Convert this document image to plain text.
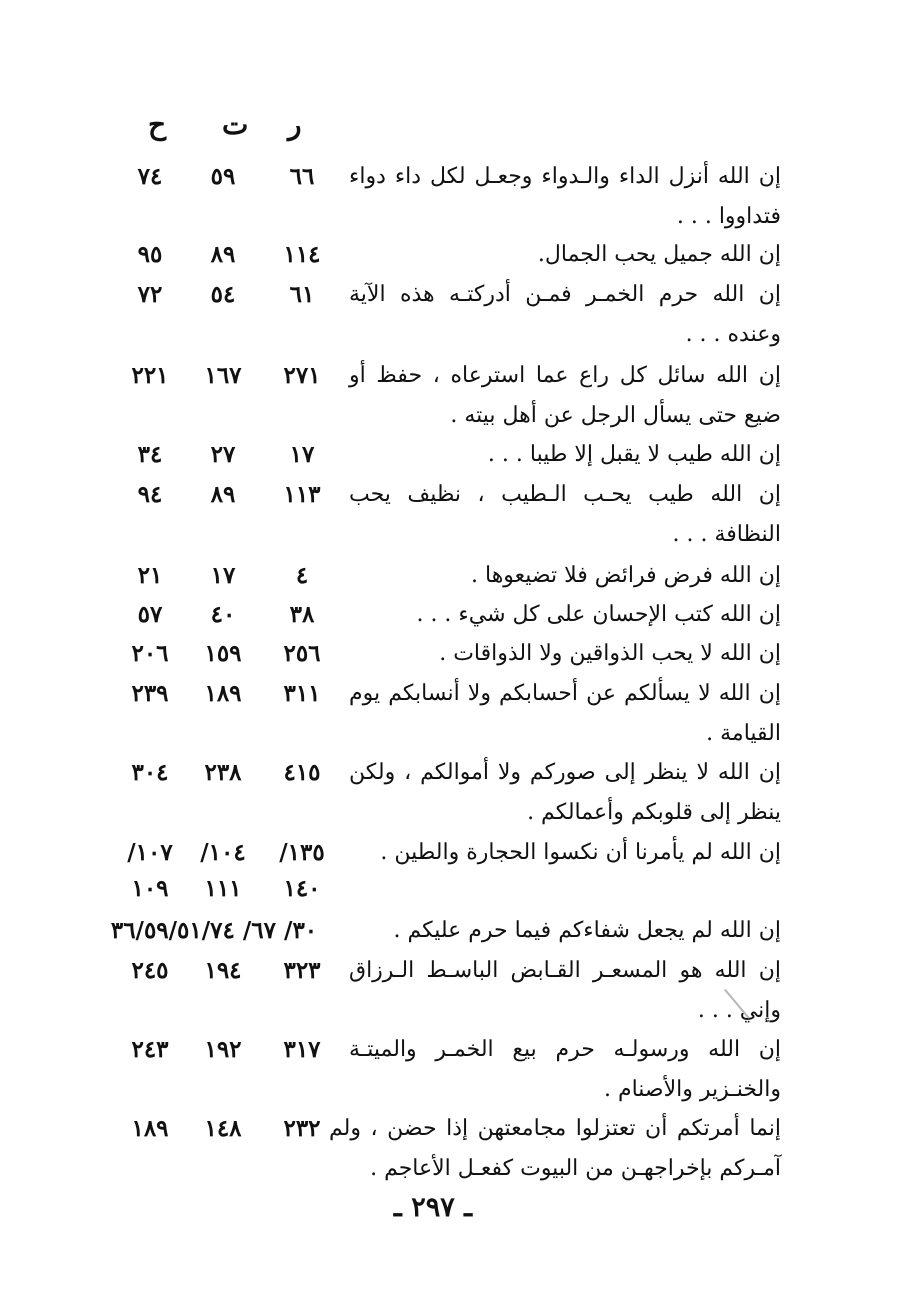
ر
ت
ح
إن الله أنزل الداء والـدواء وجعـل لكل داء دواء فتداووا . . .
٦٦
٥٩
٧٤
إن الله جميل يحب الجمال.
١١٤
٨٩
٩٥
إن الله حرم الخمـر فمـن أدركتـه هذه الآية وعنده . . .
٦١
٥٤
٧٢
إن الله سائل كل راع عما استرعاه ، حفظ أو ضيع حتى يسأل الرجل عن أهل بيته .
٢٧١
١٦٧
٢٢١
إن الله طيب لا يقبل إلا طيبا . . .
١٧
٢٧
٣٤
إن الله طيب يحـب الـطيب ، نظيف يحب النظافة . . .
١١٣
٨٩
٩٤
إن الله فرض فرائض فلا تضيعوها .
٤
١٧
٢١
إن الله كتب الإحسان على كل شيء . . .
٣٨
٤٠
٥٧
إن الله لا يحب الذواقين ولا الذواقات .
٢٥٦
١٥٩
٢٠٦
إن الله لا يسألكم عن أحسابكم ولا أنسابكم يوم القيامة .
٣١١
١٨٩
٢٣٩
إن الله لا ينظر إلى صوركم ولا أموالكم ، ولكن ينظر إلى قلوبكم وأعمالكم .
٤١٥
٢٣٨
٣٠٤
إن الله لم يأمرنا أن نكسوا الحجارة والطين .
١٣٥/
١٠٤/
١٠٧/
١٤٠
١١١
١٠٩
إن الله لم يجعل شفاءكم فيما حرم عليكم .
٣٠/ ٦٧/ ٣٦/٥٩/٥١/٧٤
إن الله هو المسعـر القـابض الباسـط الـرزاق وإني . . .
٣٢٣
١٩٤
٢٤٥
إن الله ورسولـه حرم بيع الخمـر والميتـة والخنـزير والأصنام .
٣١٧
١٩٢
٢٤٣
إنما أمرتكم أن تعتزلوا مجامعتهن إذا حضن ، ولم آمـركم بإخراجهـن من البيوت كفعـل الأعاجم .
٢٣٢
١٤٨
١٨٩
ـ ٢٩٧ ـ
